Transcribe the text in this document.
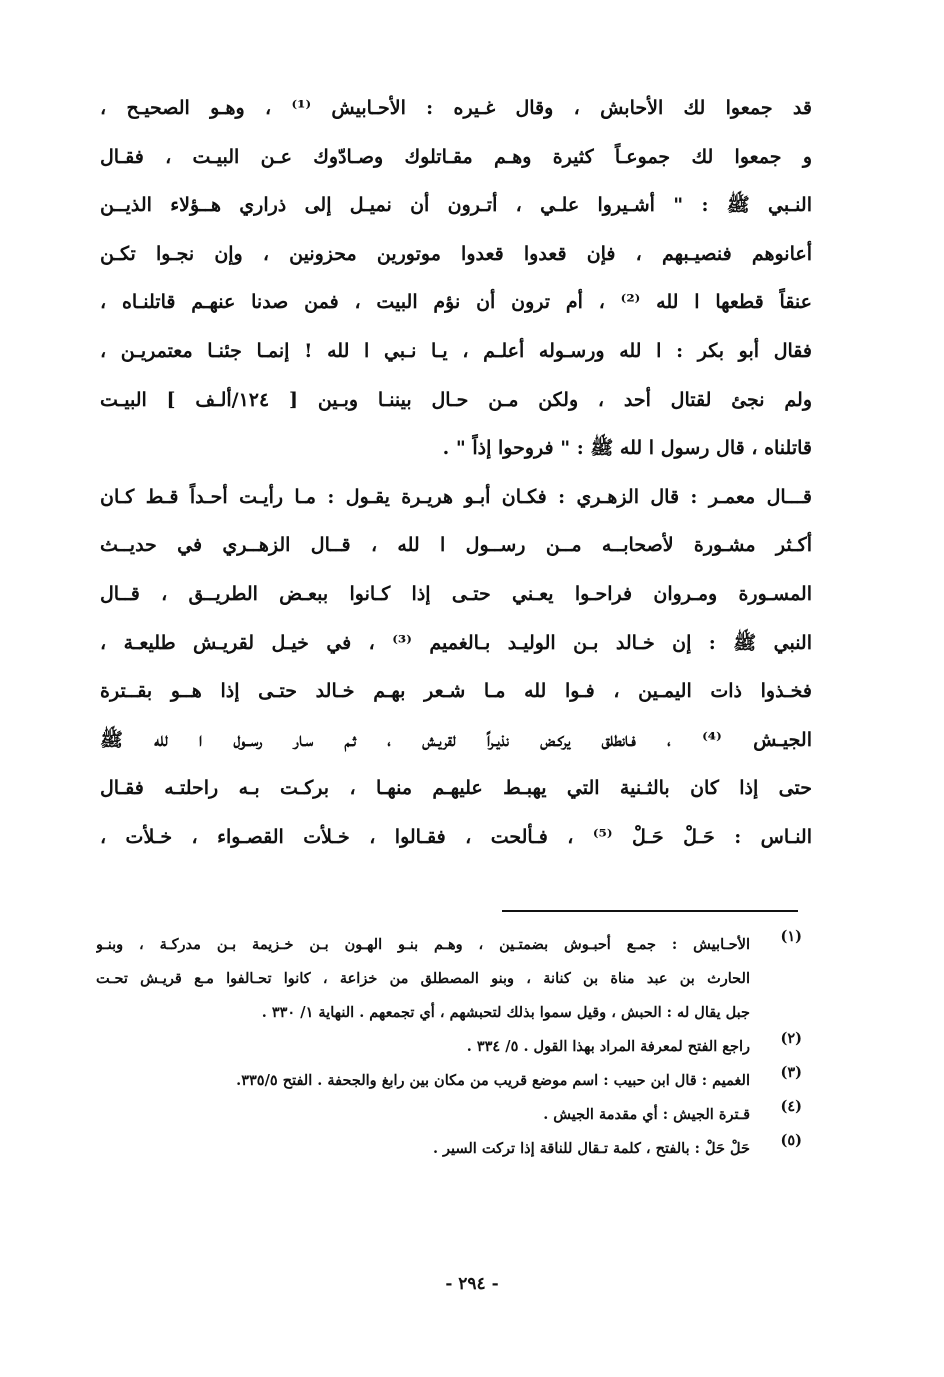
قد جمعوا لك الأحابش ، وقال غـيره : الأحـابيش ⁽¹⁾ ، وهـو الصحيـح ،
و جمعوا لك جموعـاً كثيرة وهـم مقـاتلوك وصـادّوك عـن البيـت ، فقـال
النـبي ﷺ : " أشـيروا علـي ، أتـرون أن نميـل إلى ذراري هــؤلاء الذيــن
أعانوهم فنصيـبهم ، فإن قعدوا قعدوا موتورين محزونين ، وإن نجـوا تكـن
عنقاً قطعها ا لله ⁽²⁾ ، أم ترون أن نؤم البيت ، فمن صدنا عنهـم قاتلنـاه ،
فقال أبو بكر : ا لله ورسـوله أعلـم ، يـا نـبي ا لله ! إنمـا جئنـا معتمريـن ،
ولم نجئ لقتال أحد ، ولكن مـن حـال بيننـا وبـين [ ١٢٤/ألـف ] البيـت
قاتلناه ، قال رسول ا لله ﷺ : " فروحوا إذاً " .
قـــال معمـر : قال الزهـري : فكـان أبـو هريـرة يقـول : مـا رأيـت أحـداً قـط كـان
أكـثر مشـورة لأصحابــه مــن رســول ا لله ، قــال الزهــري في حديــث
المسـورة ومـروان فراحـوا يعـني حتـى إذا كـانوا ببعـض الطريــق ، قــال
النبي ﷺ : إن خـالد بـن الوليـد بـالغميم ⁽³⁾ ، في خيـل لقريـش طليعـة ،
فخـذوا ذات اليمـين ، فـوا لله مـا شـعر بهـم خـالد حتـى إذا هــو بقــترة
الجيـش ⁽⁴⁾ ، فـانطلق يركـض نذيـراً لقريـش ، ثـم سـار رســول ا لله ﷺ
حتى إذا كان بالثـنية التي يهبـط عليهـم منهـا ، بركـت بـه راحلتـه فقـال
النـاس : حَـلْ حَـلْ ⁽⁵⁾ ، فـألحت ، فقـالوا ، خـلأت القصـواء ، خـلأت ،
(١)
الأحـابيش : جمـع أحبـوش بضمتـين ، وهـم بنـو الهـون بـن خـزيمة بـن مدركـة ، وبنـو
الحارث بن عبد مناة بن كنانة ، وبنو المصطلق من خزاعة ، كانوا تحـالفوا مـع قريـش تحـت
جبل يقال له : الحبش ، وقيل سموا بذلك لتحبشهم ، أي تجمعهم . النهاية ١/ ٣٣٠ .
(٢)
راجع الفتح لمعرفة المراد بهذا القول . ٥/ ٣٣٤ .
(٣)
الغميم : قال ابن حبيب : اسم موضع قريب من مكان بين رابغ والجحفة . الفتح ٣٣٥/٥.
(٤)
قـترة الجيش : أي مقدمة الجيش .
(٥)
حَلْ حَلْ : بالفتح ، كلمة تـقال للناقة إذا تركت السير .
- ٢٩٤ -
